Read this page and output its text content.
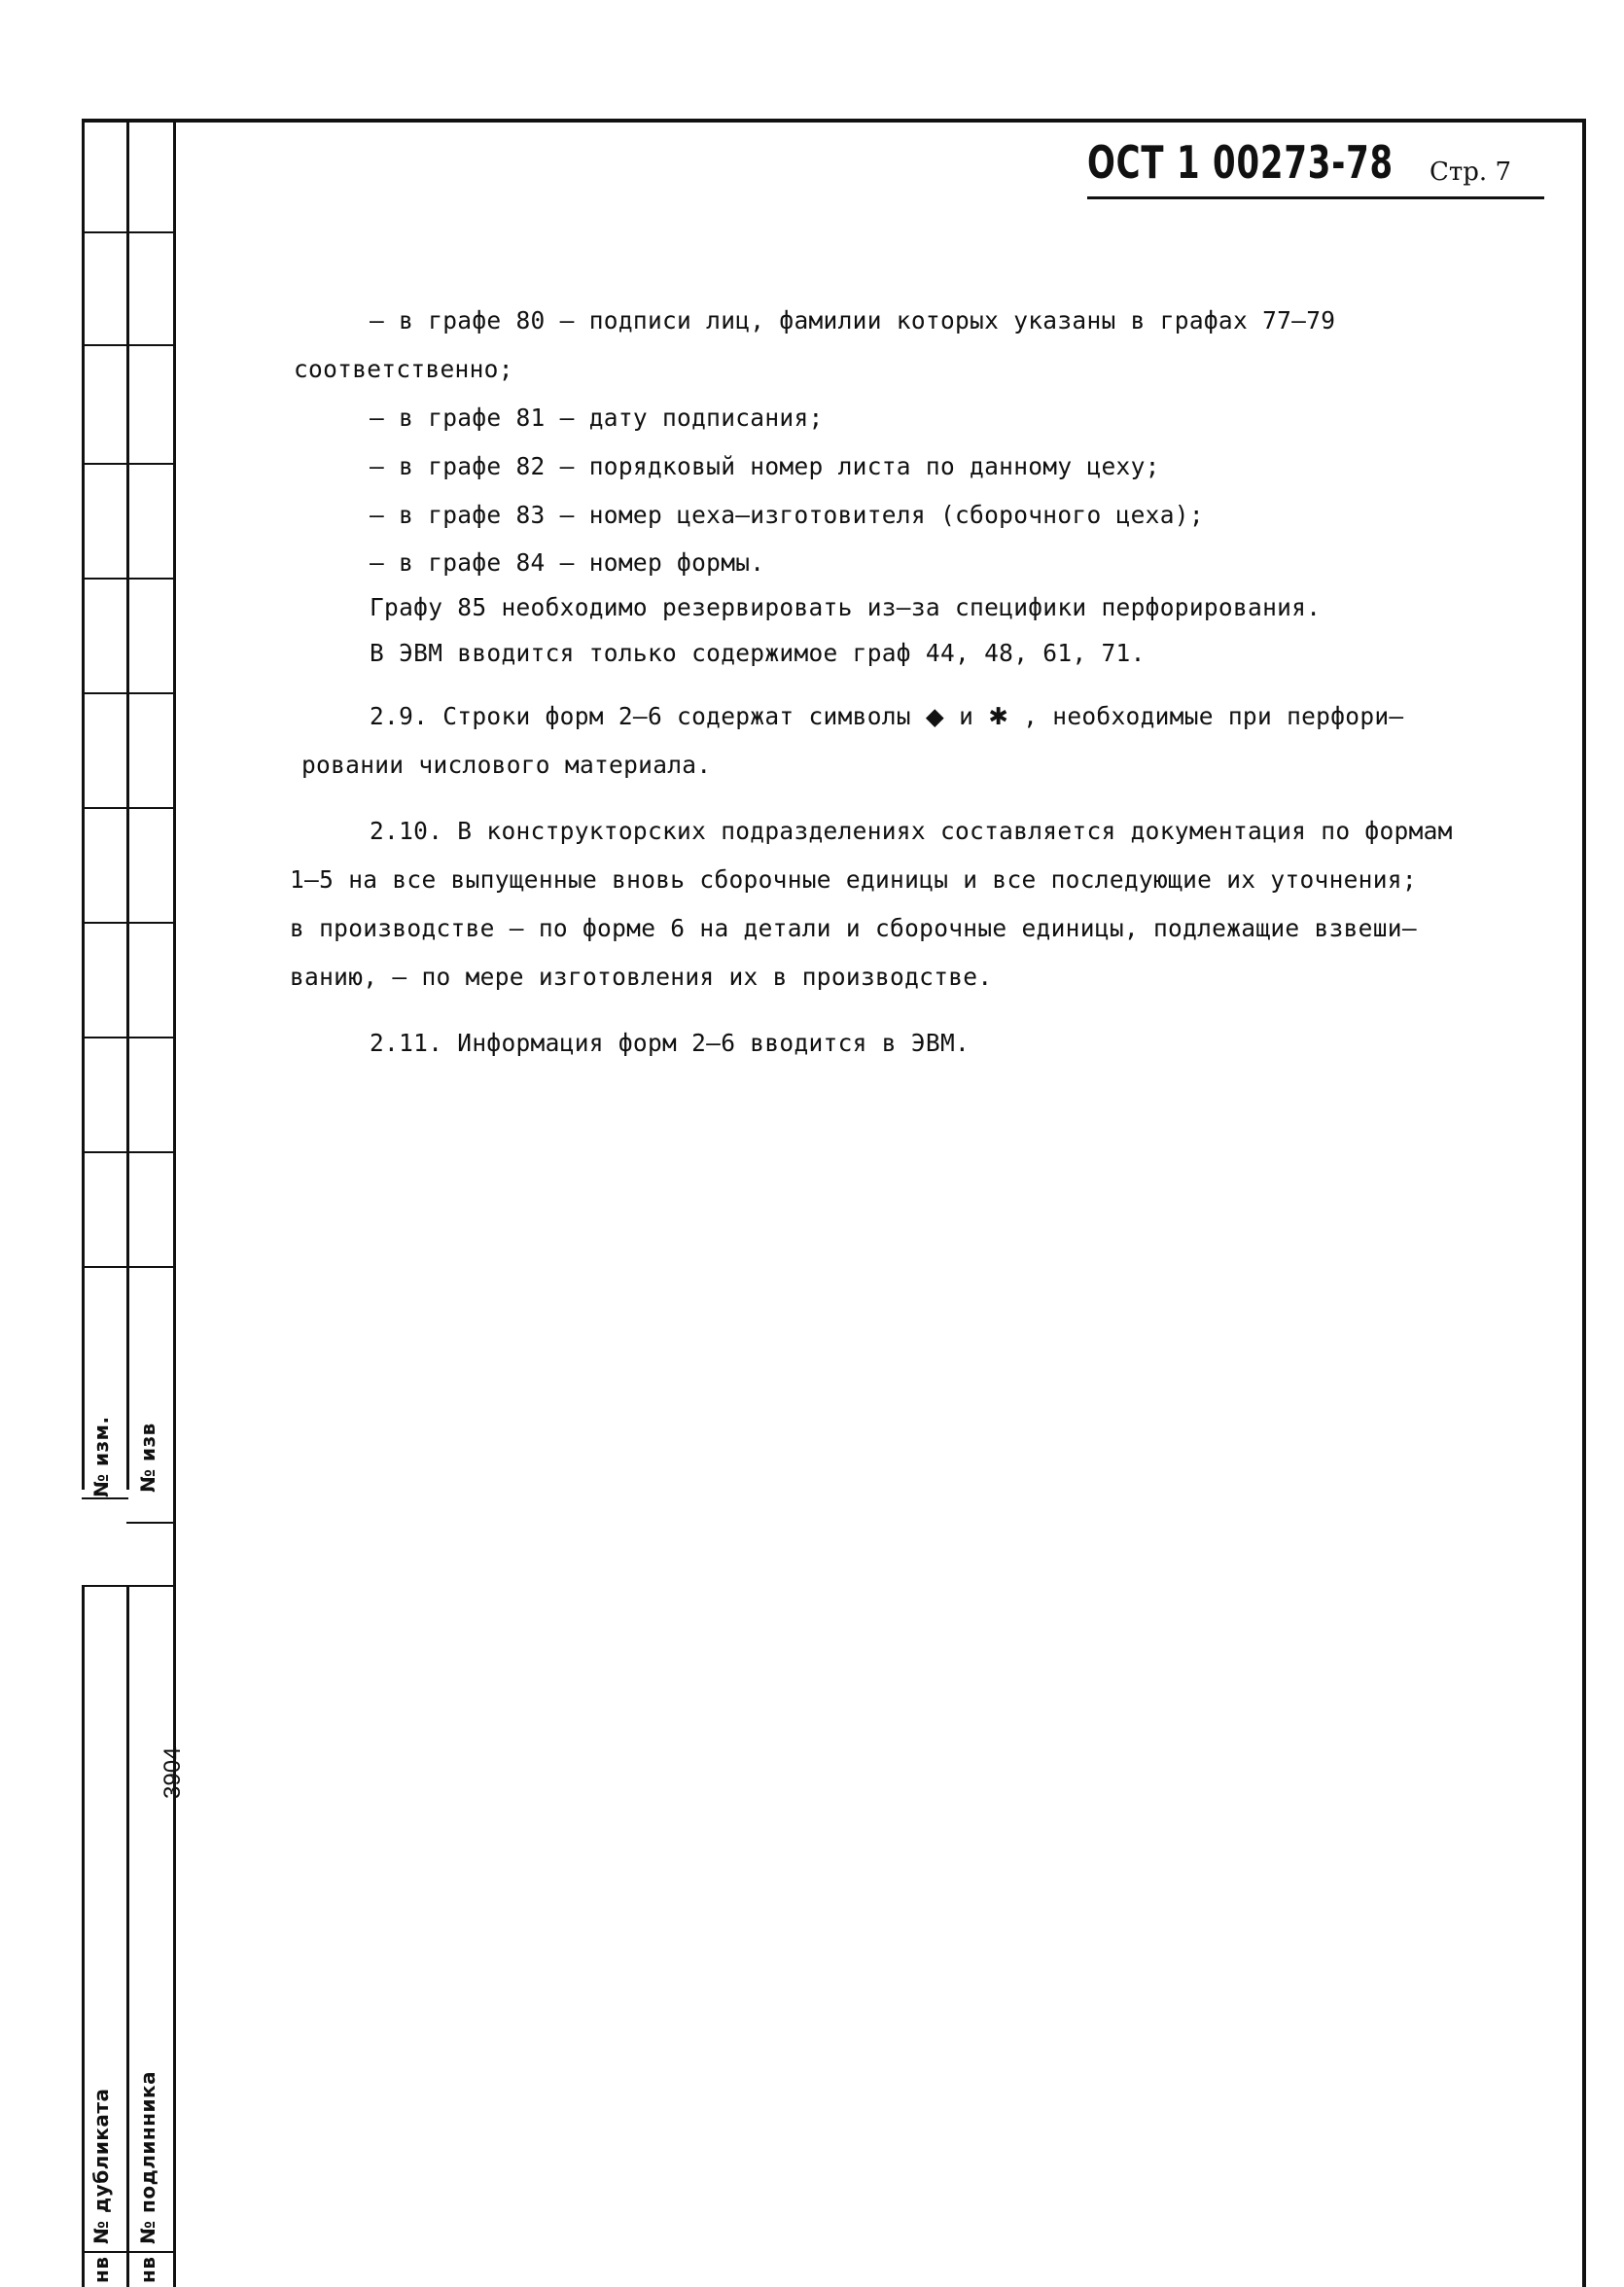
№ изм. № изв
3904
№ дубликата № подлинника
нв нв
ОСТ 1 00273-78 Стр. 7
– в графе 80 – подписи лиц, фамилии которых указаны в графах 77–79
соответственно;
– в графе 81 – дату подписания;
– в графе 82 – порядковый номер листа по данному цеху;
– в графе 83 – номер цеха–изготовителя (сборочного цеха);
– в графе 84 – номер формы.
Графу 85 необходимо резервировать из–за специфики перфорирования.
В ЭВМ вводится только содержимое граф 44, 48, 61, 71.
2.9. Строки форм 2–6 содержат символы ◆ и ✱ , необходимые при перфори–
ровании числового материала.
2.10. В конструкторских подразделениях составляется документация по формам
1–5 на все выпущенные вновь сборочные единицы и все последующие их уточнения;
в производстве – по форме 6 на детали и сборочные единицы, подлежащие взвеши–
ванию, – по мере изготовления их в производстве.
2.11. Информация форм 2–6 вводится в ЭВМ.
